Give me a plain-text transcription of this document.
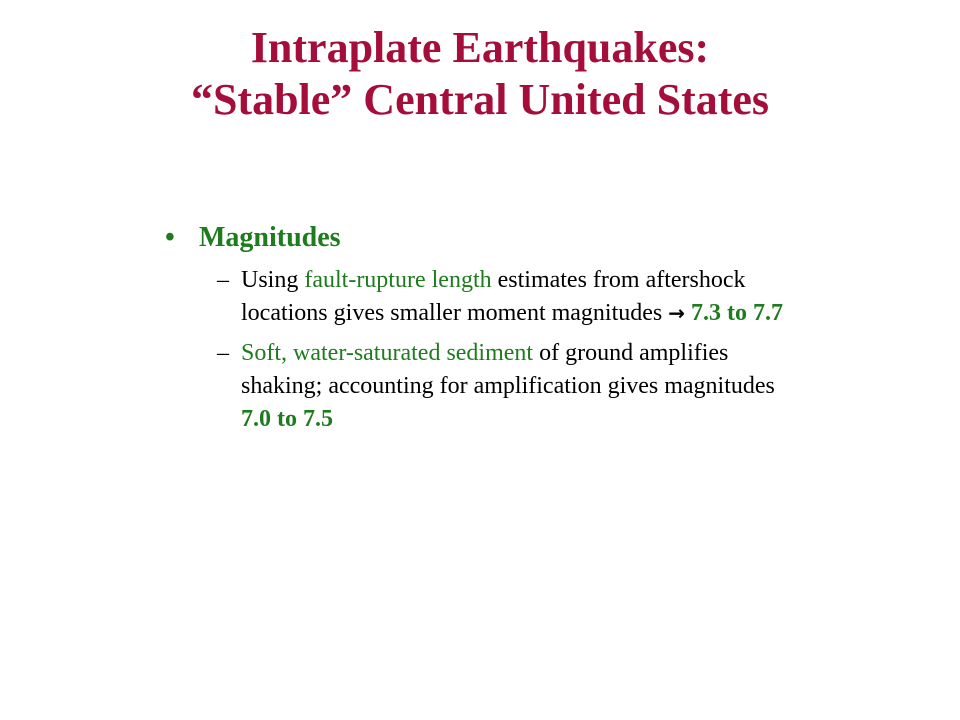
Intraplate Earthquakes:
“Stable” Central United States
• Magnitudes
– Using fault-rupture length estimates from aftershock locations gives smaller moment magnitudes → 7.3 to 7.7
– Soft, water-saturated sediment of ground amplifies shaking; accounting for amplification gives magnitudes 7.0 to 7.5
